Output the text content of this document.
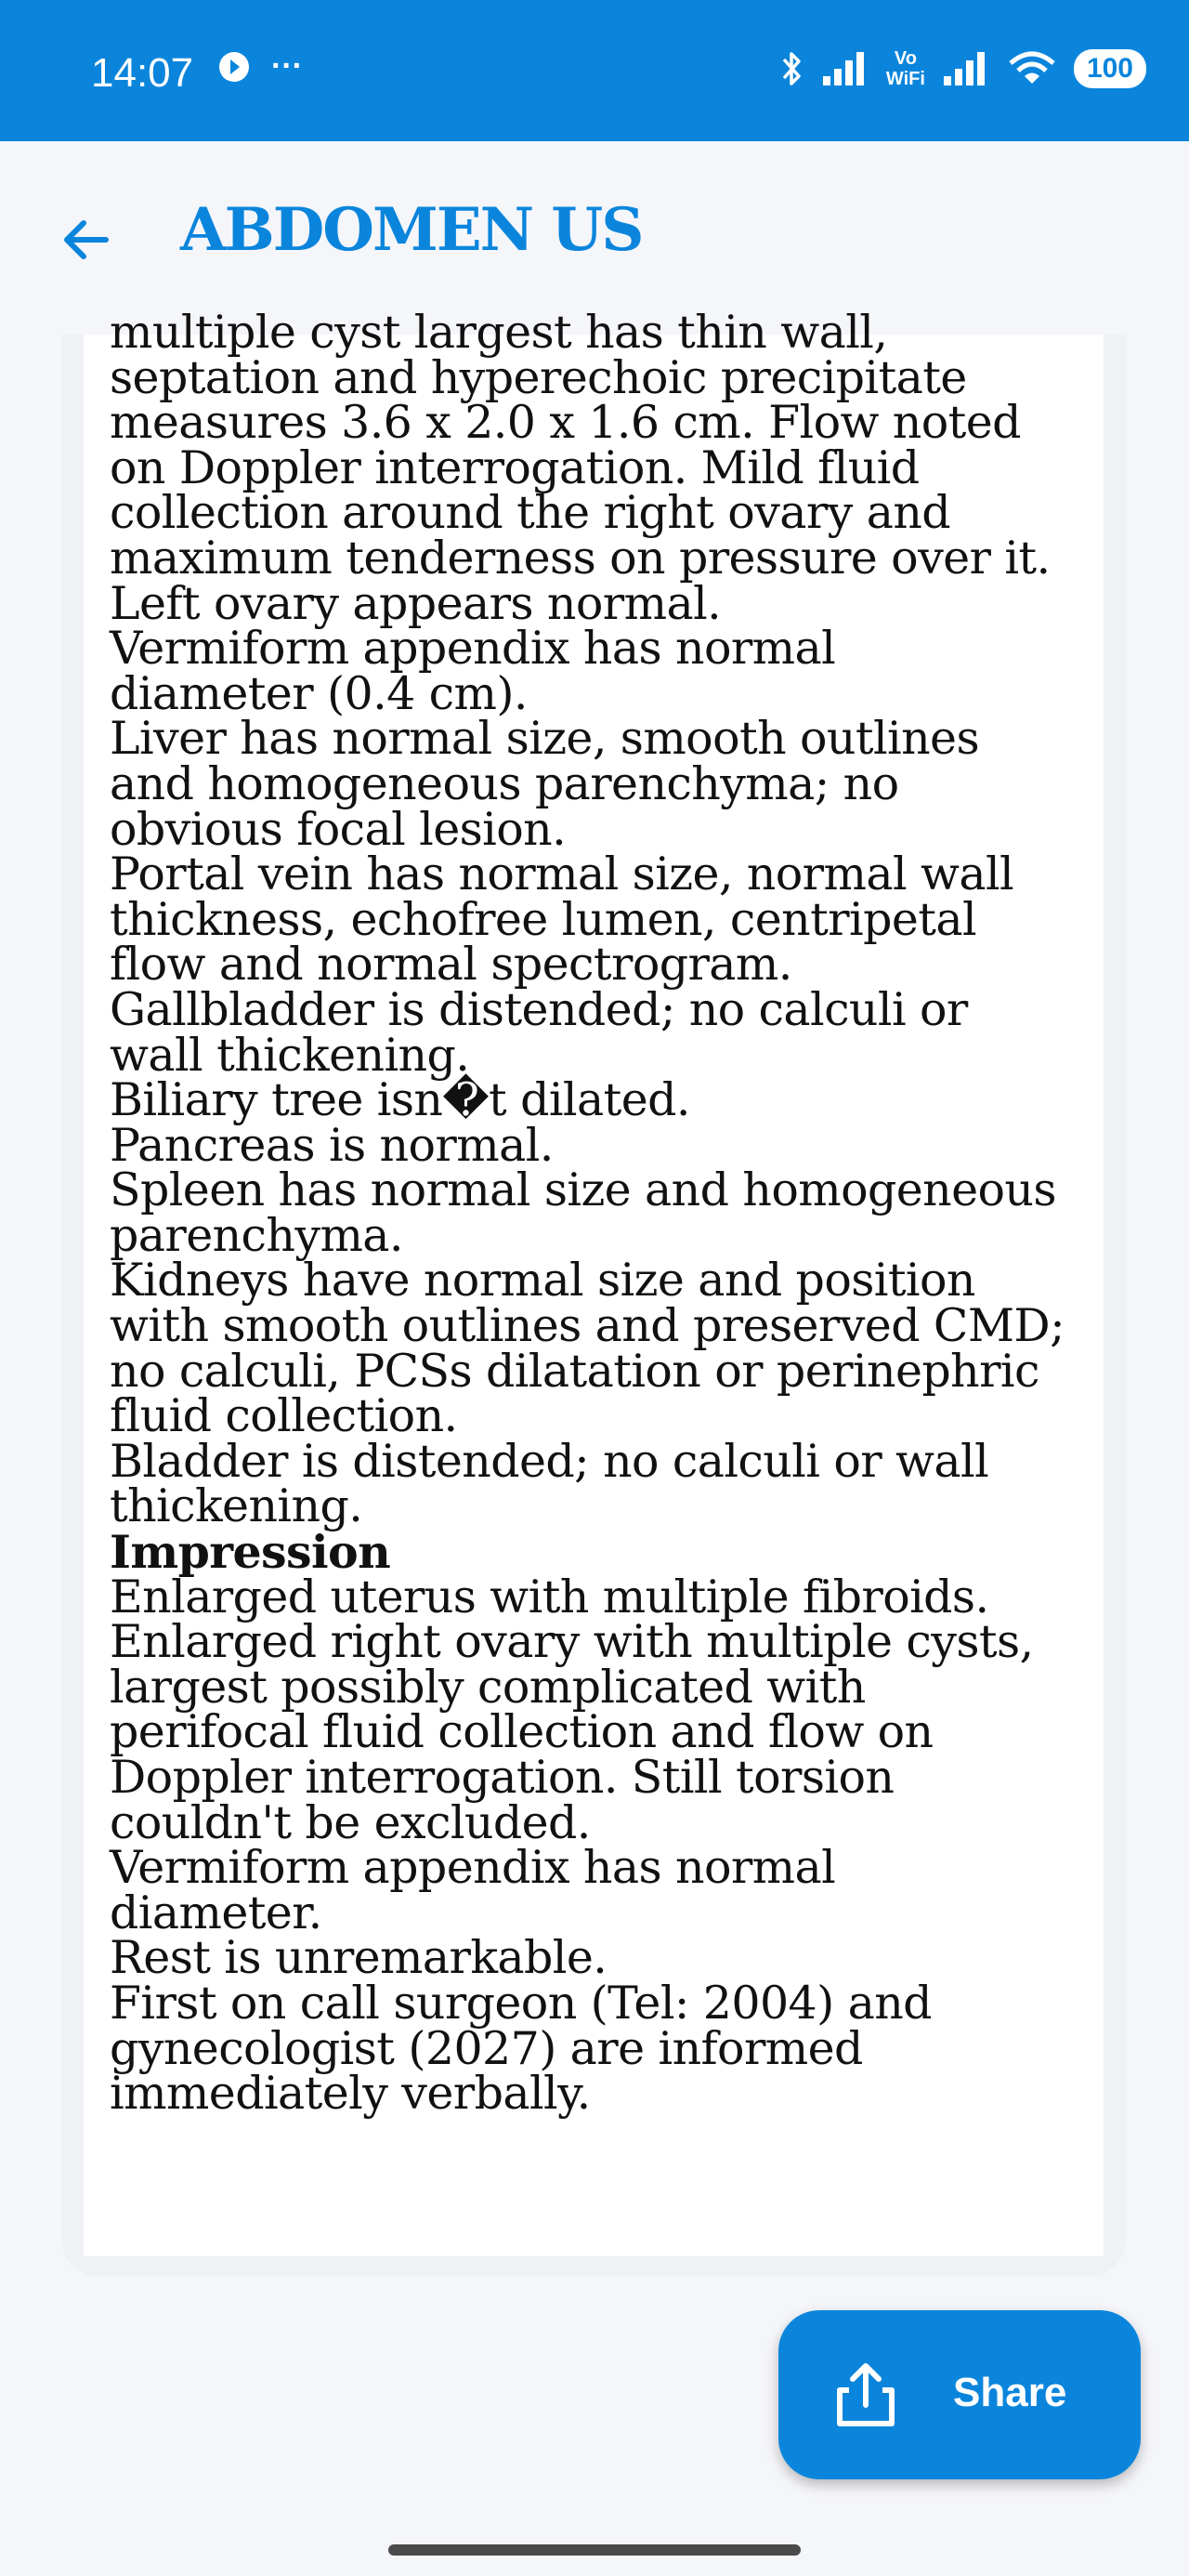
14:07 ···	Vo
WiFi	100
ABDOMEN US
multiple cyst largest has thin wall,
septation and hyperechoic precipitate
measures 3.6 x 2.0 x 1.6 cm. Flow noted
on Doppler interrogation. Mild fluid
collection around the right ovary and
maximum tenderness on pressure over it.
Left ovary appears normal.
Vermiform appendix has normal
diameter (0.4 cm).
Liver has normal size, smooth outlines
and homogeneous parenchyma; no
obvious focal lesion.
Portal vein has normal size, normal wall
thickness, echofree lumen, centripetal
flow and normal spectrogram.
Gallbladder is distended; no calculi or
wall thickening.
Biliary tree isn�t dilated.
Pancreas is normal.
Spleen has normal size and homogeneous
parenchyma.
Kidneys have normal size and position
with smooth outlines and preserved CMD;
no calculi, PCSs dilatation or perinephric
fluid collection.
Bladder is distended; no calculi or wall
thickening.
Impression
Enlarged uterus with multiple fibroids.
Enlarged right ovary with multiple cysts,
largest possibly complicated with
perifocal fluid collection and flow on
Doppler interrogation. Still torsion
couldn't be excluded.
Vermiform appendix has normal
diameter.
Rest is unremarkable.
First on call surgeon (Tel: 2004) and
gynecologist (2027) are informed
immediately verbally.
Share
